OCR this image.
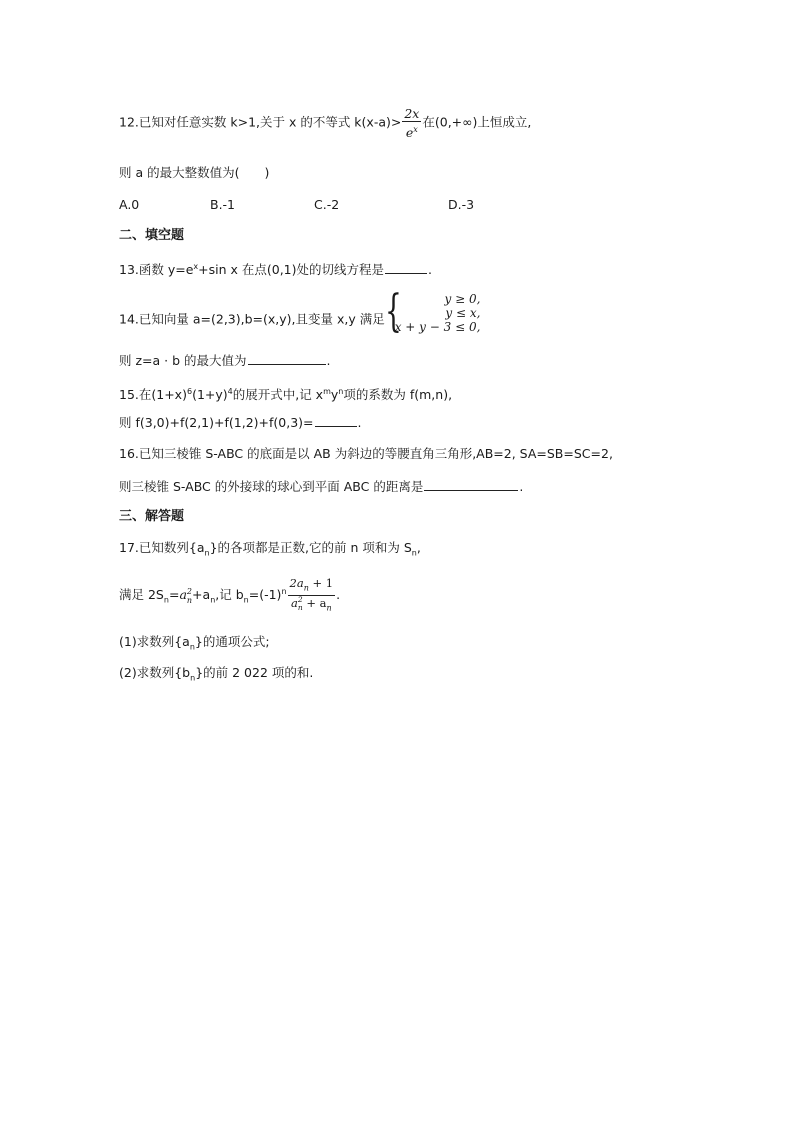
12.已知对任意实数 k>1,关于 x 的不等式 $k(x-a)> \frac{2x}{e^x}$ 在(0,+∞)上恒成立,
则 a 的最大整数值为(　　)
A.0	B.-1	C.-2	D.-3
二、填空题
13.函数 $y=e^x+\sin$ x 在点(0,1)处的切线方程是	.
14.已知向量 a=(2,3),b=(x,y),且变量 x,y 满足 {	y ≥ 0,
y ≤ x,
x + y − 3 ≤ 0,
则 z=a · b 的最大值为	.
15.在$(1+x)^6(1+y)^4$的展开式中,记 $x^my^n$项的系数为 f(m,n),
则 f(3,0)+f(2,1)+f(1,2)+f(0,3)=	.
16.已知三棱锥 S-ABC 的底面是以 AB 为斜边的等腰直角三角形,AB=2, SA=SB=SC=2,
则三棱锥 S-ABC 的外接球的球心到平面 ABC 的距离是	.
三、解答题
17.已知数列$\{a_n\}$的各项都是正数,它的前 n 项和为 $S_n$,
满足 $2S_n=a$ 2
$n +a_n$,记 $b_n=(-1)^n$ $2a_n + 1$
a 2
$n + a_n$ .
(1)求数列$\{a_n\}$的通项公式;
(2)求数列$\{b_n\}$的前 2 022 项的和.
